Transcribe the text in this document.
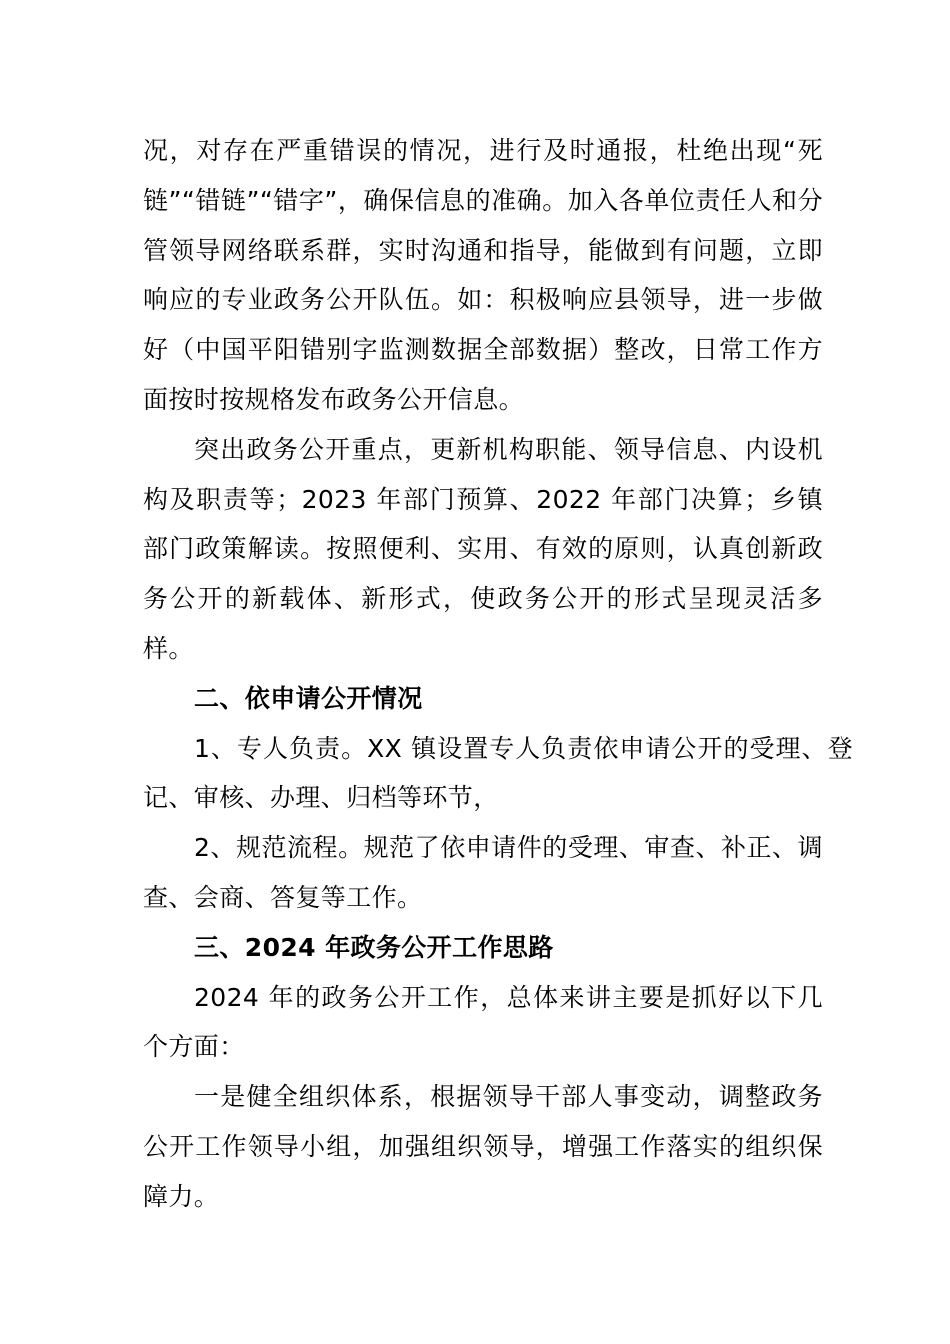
况，对存在严重错误的情况，进行及时通报，杜绝出现“死链”“错链”“错字”，确保信息的准确。加入各单位责任人和分管领导网络联系群，实时沟通和指导，能做到有问题，立即响应的专业政务公开队伍。如：积极响应县领导，进一步做好（中国平阳错别字监测数据全部数据）整改，日常工作方面按时按规格发布政务公开信息。

突出政务公开重点，更新机构职能、领导信息、内设机构及职责等；2023 年部门预算、2022 年部门决算；乡镇部门政策解读。按照便利、实用、有效的原则，认真创新政务公开的新载体、新形式，使政务公开的形式呈现灵活多样。

二、依申请公开情况

1、专人负责。XX 镇设置专人负责依申请公开的受理、登记、审核、办理、归档等环节，

2、规范流程。规范了依申请件的受理、审查、补正、调查、会商、答复等工作。

三、2024 年政务公开工作思路

2024 年的政务公开工作，总体来讲主要是抓好以下几个方面：

一是健全组织体系，根据领导干部人事变动，调整政务公开工作领导小组，加强组织领导，增强工作落实的组织保障力。
